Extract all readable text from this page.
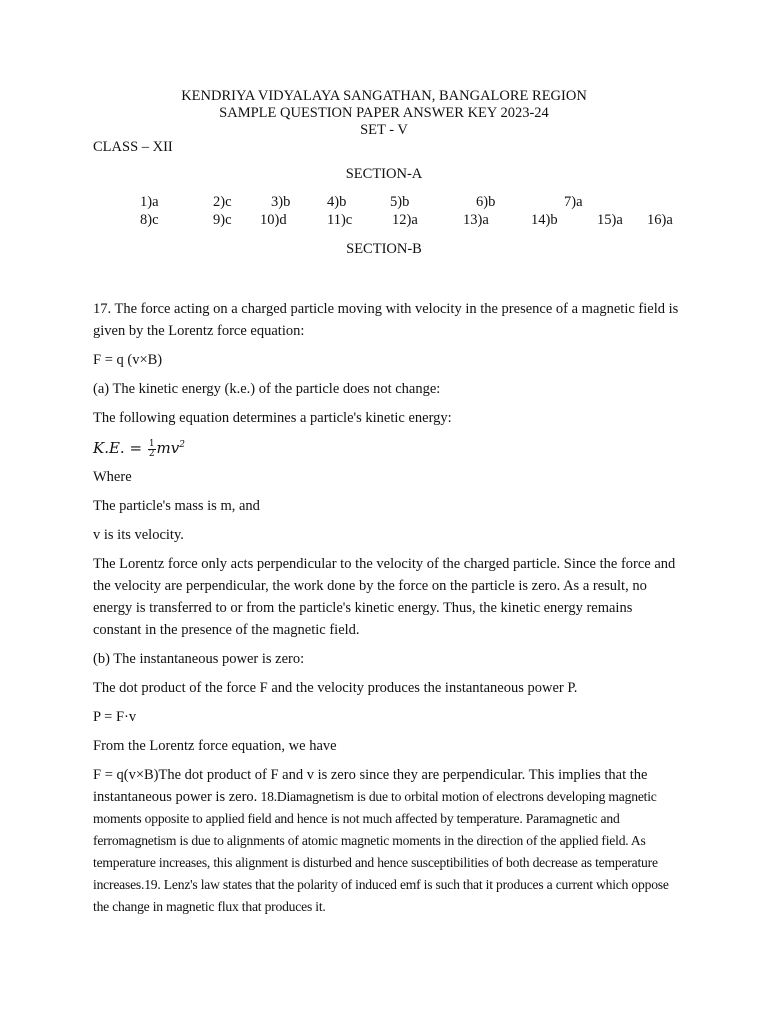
KENDRIYA VIDYALAYA SANGATHAN, BANGALORE REGION
SAMPLE QUESTION PAPER ANSWER KEY 2023-24
SET - V
CLASS – XII
SECTION-A
1)a	2)c	3)b	4)b	5)b	6)b	7)a
8)c	9)c 10)d	11)c	12)a	13)a	14)b	15)a 16)a
SECTION-B
17. The force acting on a charged particle moving with velocity in the presence of a magnetic field is given by the Lorentz force equation:
F = q (v×B)
(a) The kinetic energy (k.e.) of the particle does not change:
The following equation determines a particle's kinetic energy:
K.E. = $\frac{1}{2} mv^2$
Where
The particle's mass is m, and
v is its velocity.
The Lorentz force only acts perpendicular to the velocity of the charged particle. Since the force and the velocity are perpendicular, the work done by the force on the particle is zero. As a result, no energy is transferred to or from the particle's kinetic energy. Thus, the kinetic energy remains constant in the presence of the magnetic field.
(b) The instantaneous power is zero:
The dot product of the force F and the velocity produces the instantaneous power P.
P = F·v
From the Lorentz force equation, we have
F = q(v×B)The dot product of F and v is zero since they are perpendicular. This implies that the instantaneous power is zero. 18.Diamagnetism is due to orbital motion of electrons developing magnetic moments opposite to applied field and hence is not much affected by temperature. Paramagnetic and ferromagnetism is due to alignments of atomic magnetic moments in the direction of the applied field. As temperature increases, this alignment is disturbed and hence susceptibilities of both decrease as temperature increases.19. Lenz's law states that the polarity of induced emf is such that it produces a current which oppose the change in magnetic flux that produces it.
